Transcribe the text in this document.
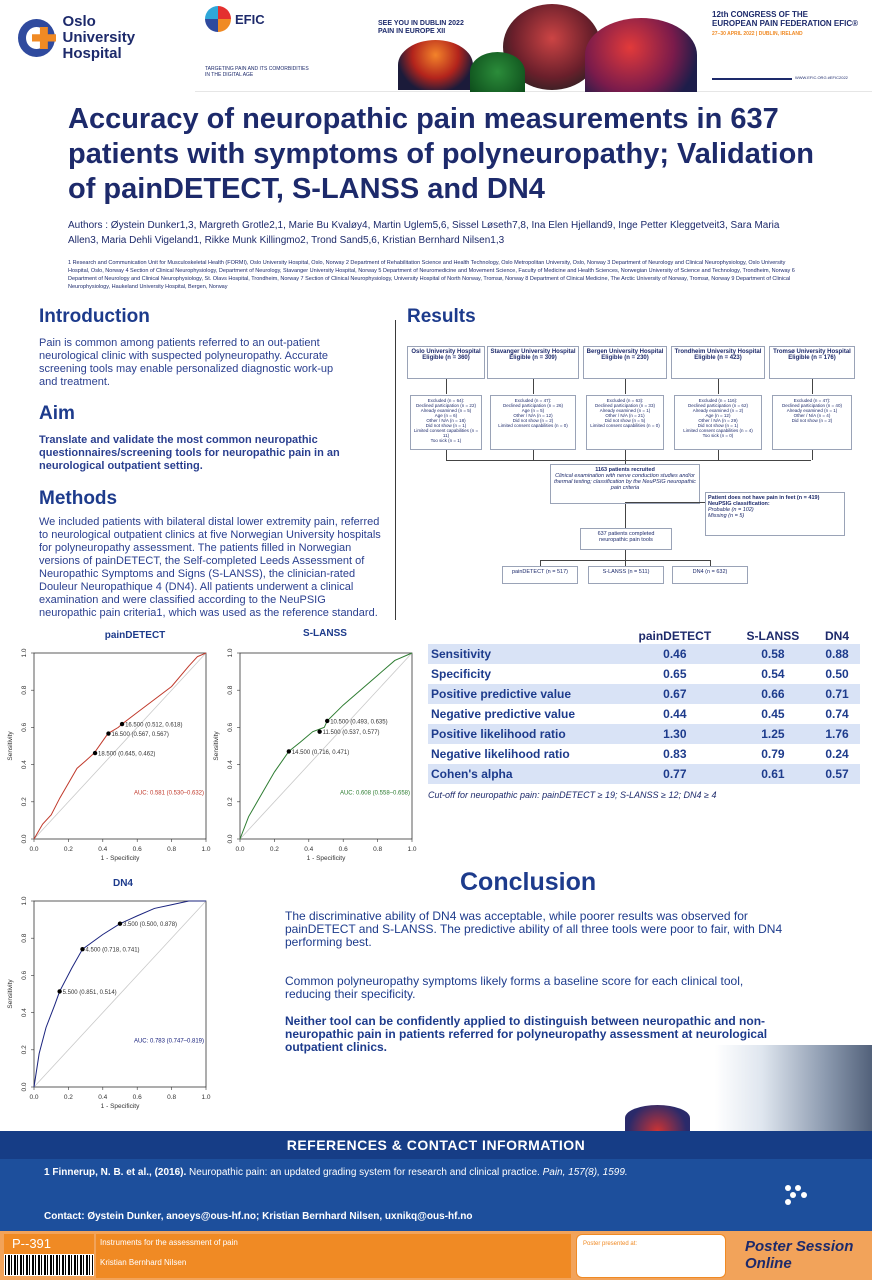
Oslo
University Hospital
EFIC
TARGETING PAIN AND ITS COMORBIDITIES IN THE DIGITAL AGE
SEE YOU IN DUBLIN 2022
PAIN IN EUROPE XII
12th CONGRESS OF THE
EUROPEAN PAIN FEDERATION EFIC®
27–30 APRIL 2022 | DUBLIN, IRELAND
WWW.EFIC.ORG #EFIC2022
Accuracy of neuropathic pain measurements in 637 patients with symptoms of polyneuropathy; Validation of painDETECT, S-LANSS and DN4
Authors : Øystein Dunker1,3, Margreth Grotle2,1, Marie Bu Kvaløy4, Martin Uglem5,6, Sissel Løseth7,8, Ina Elen Hjelland9, Inge Petter Kleggetveit3, Sara Maria Allen3, Maria Dehli Vigeland1, Rikke Munk Killingmo2, Trond Sand5,6, Kristian Bernhard Nilsen1,3
1 Research and Communication Unit for Musculoskeletal Health (FORMI), Oslo University Hospital, Oslo, Norway 2 Department of Rehabilitation Science and Health Technology, Oslo Metropolitan University, Oslo, Norway 3 Department of Neurology and Clinical Neurophysiology, Oslo University Hospital, Oslo, Norway 4 Section of Clinical Neurophysiology, Department of Neurology, Stavanger University Hospital, Norway 5 Department of Neuromedicine and Movement Science, Faculty of Medicine and Health Sciences, Norwegian University of Science and Technology, Trondheim, Norway 6 Department of Neurology and Clinical Neurophysiology, St. Olavs Hospital, Trondheim, Norway 7 Section of Clinical Neurophysiology, University Hospital of North Norway, Tromsø, Norway 8 Department of Clinical Medicine, The Arctic University of Norway, Tromsø, Norway 9 Department of Clinical Neurophysiology, Haukeland University Hospital, Bergen, Norway
Introduction
Pain is common among patients referred to an out-patient neurological clinic with suspected polyneuropathy. Accurate screening tools may enable personalized diagnostic work-up and treatment.
Aim
Translate and validate the most common neuropathic questionnaires/screening tools for neuropathic pain in an neurological outpatient setting.
Methods
We included patients with bilateral distal lower extremity pain, referred to neurological outpatient clinics at five Norwegian University hospitals for polyneuropathy assessment. The patients filled in Norwegian versions of painDETECT, the Self-completed Leeds Assessment of Neuropathic Symptoms and Signs (S-LANSS), the clinician-rated Douleur Neuropathique 4 (DN4). All patients underwent a clinical examination and were classified according to the NeuPSIG neuropathic pain criteria1, which was used as the reference standard.
Results
Oslo University Hospital
Eligible (n = 360)
Excluded (n = 64):
Declined participation (n = 22)
Already examined (n = 5)
Age (n = 6)
Other / N/A (n = 18)
Did not show (n = 1)
Limited consent capabilities (n = 11)
Too sick (n = 1)
Stavanger University Hospital
Eligible (n = 309)
Excluded (n = 47):
Declined participation (n = 26)
Age (n = 5)
Other / N/A (n = 12)
Did not show (n = 2)
Limited consent capabilities (n = 0)
Bergen University Hospital
Eligible (n = 230)
Excluded (n = 63):
Declined participation (n = 33)
Already examined (n = 1)
Other / N/A (n = 21)
Did not show (n = 5)
Limited consent capabilities (n = 0)
Trondheim University Hospital
Eligible (n = 423)
Excluded (n = 116):
Declined participation (n = 62)
Already examined (n = 2)
Age (n = 12)
Other / N/A (n = 29)
Did not show (n = 1)
Limited consent capabilities (n = 4)
Too sick (n = 0)
Tromsø University Hospital
Eligible (n = 176)
Excluded (n = 47):
Declined participation (n = 40)
Already examined (n = 1)
Other / N/A (n = 4)
Did not show (n = 2)
1163 patients recruited
Clinical examination with nerve conduction studies and/or thermal testing; classification by the NeuPSIG neuropathic pain criteria
Patient does not have pain in feet (n = 419)
NeuPSIG classification:
Probable (n = 102)
Missing (n = 5)
637 patients completed
neuropathic pain tools
painDETECT (n = 517)	S-LANSS (n = 511)	DN4 (n = 632)
painDETECT	S-LANSS
DN4
0.0
0.0
0.2
0.2
0.4
0.4
0.6
0.6
0.8
0.8
1.0
1.0
1 - Specificity
Sensitivity
16.500 (0.512, 0.618)
16.500 (0.567, 0.567)
18.500 (0.645, 0.462)
AUC: 0.581 (0.530–0.632)
0.0
0.0
0.2
0.2
0.4
0.4
0.6
0.6
0.8
0.8
1.0
1.0
1 - Specificity
Sensitivity
10.500 (0.493, 0.635)
11.500 (0.537, 0.577)
14.500 (0.716, 0.471)
AUC: 0.608 (0.558–0.658)
0.0
0.0
0.2
0.2
0.4
0.4
0.6
0.6
0.8
0.8
1.0
1.0
1 - Specificity
Sensitivity
3.500 (0.500, 0.878)
4.500 (0.718, 0.741)
5.500 (0.851, 0.514)
AUC: 0.783 (0.747–0.819)
	painDETECT	S-LANSS	DN4
Sensitivity	0.46	0.58	0.88
Specificity	0.65	0.54	0.50
Positive predictive value	0.67	0.66	0.71
Negative predictive value	0.44	0.45	0.74
Positive likelihood ratio	1.30	1.25	1.76
Negative likelihood ratio	0.83	0.79	0.24
Cohen's alpha	0.77	0.61	0.57
Cut-off for neuropathic pain: painDETECT ≥ 19; S-LANSS ≥ 12; DN4 ≥ 4
Conclusion
The discriminative ability of DN4 was acceptable, while poorer results was observed for painDETECT and S-LANSS. The predictive ability of all three tools were poor to fair, with DN4 performing best.
Common polyneuropathy symptoms likely forms a baseline score for each clinical tool, reducing their specificity.
Neither tool can be confidently applied to distinguish between neuropathic and non-neuropathic pain in patients referred for polyneuropathy assessment at neurological outpatient clinics.
REFERENCES & CONTACT INFORMATION
1 Finnerup, N. B. et al., (2016). Neuropathic pain: an updated grading system for research and clinical practice. Pain, 157(8), 1599.
Contact: Øystein Dunker, anoeys@ous-hf.no; Kristian Bernhard Nilsen, uxnikq@ous-hf.no
P--391	Instruments for the assessment of pain
Kristian Bernhard Nilsen
Poster presented at:	Poster Session Online
